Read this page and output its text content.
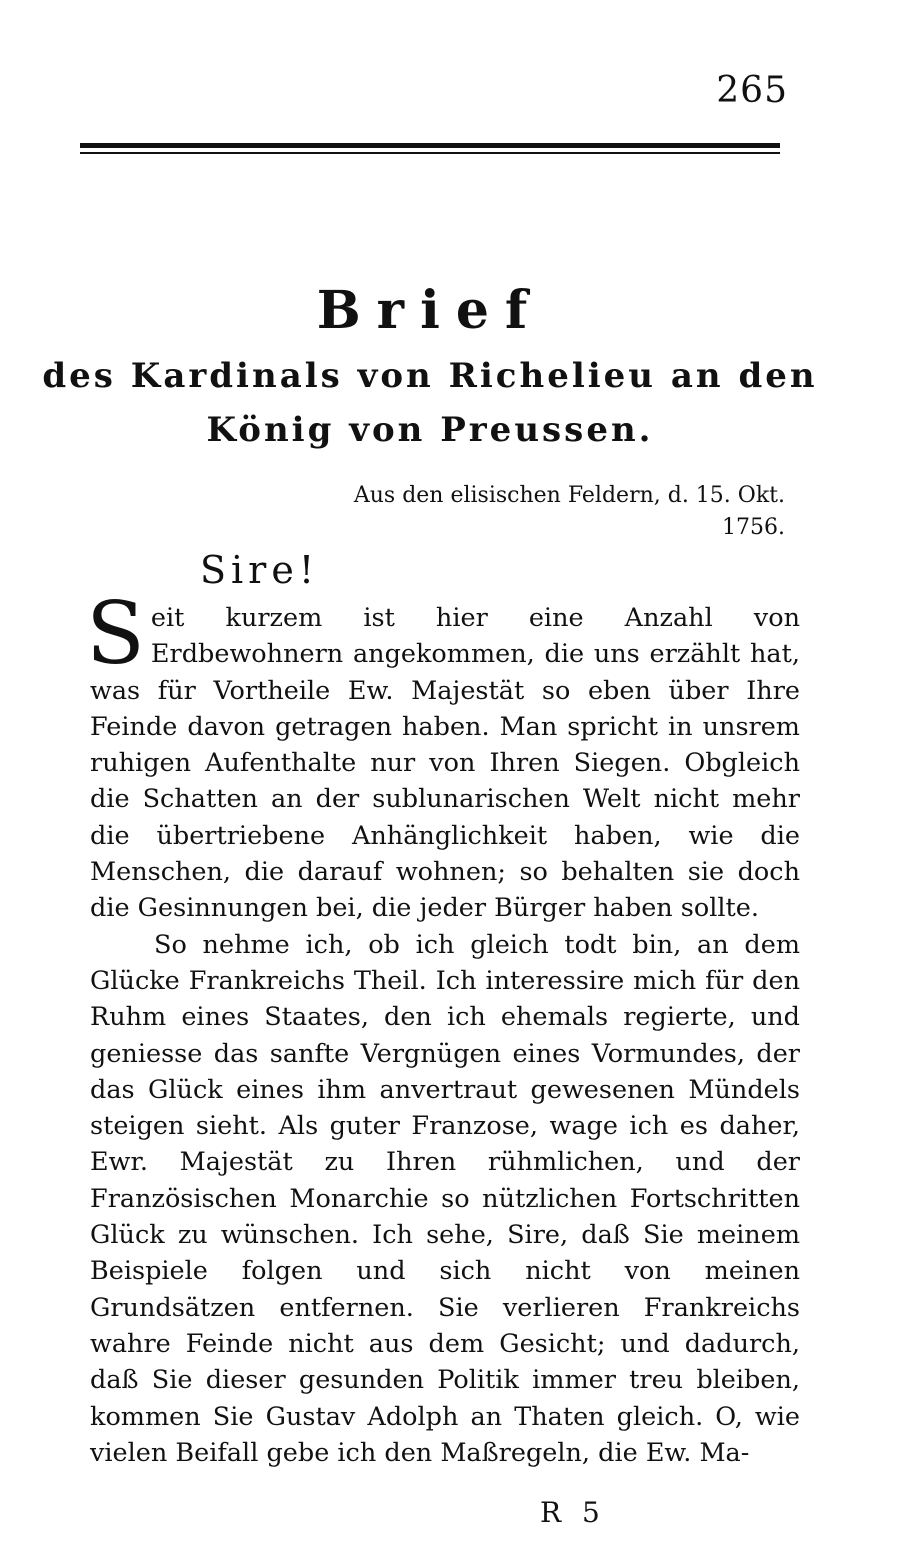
265
Brief
des Kardinals von Richelieu an den
König von Preussen.
Aus den elisischen Feldern, d. 15. Okt.
1756.
Sire!

Seit kurzem ist hier eine Anzahl von Erdbewohnern angekommen, die uns erzählt hat, was für Vortheile Ew. Majestät so eben über Ihre Feinde davon getragen haben. Man spricht in unsrem ruhigen Aufenthalte nur von Ihren Siegen. Obgleich die Schatten an der sublunarischen Welt nicht mehr die übertriebene Anhänglichkeit haben, wie die Menschen, die darauf wohnen; so behalten sie doch die Gesinnungen bei, die jeder Bürger haben sollte.

So nehme ich, ob ich gleich todt bin, an dem Glücke Frankreichs Theil. Ich interessire mich für den Ruhm eines Staates, den ich ehemals regierte, und geniesse das sanfte Vergnügen eines Vormundes, der das Glück eines ihm anvertraut gewesenen Mündels steigen sieht. Als guter Franzose, wage ich es daher, Ewr. Majestät zu Ihren rühmlichen, und der Französischen Monarchie so nützlichen Fortschritten Glück zu wünschen. Ich sehe, Sire, daß Sie meinem Beispiele folgen und sich nicht von meinen Grundsätzen entfernen. Sie verlieren Frankreichs wahre Feinde nicht aus dem Gesicht; und dadurch, daß Sie dieser gesunden Politik immer treu bleiben, kommen Sie Gustav Adolph an Thaten gleich. O, wie vielen Beifall gebe ich den Maßregeln, die Ew. Ma-

R 5
